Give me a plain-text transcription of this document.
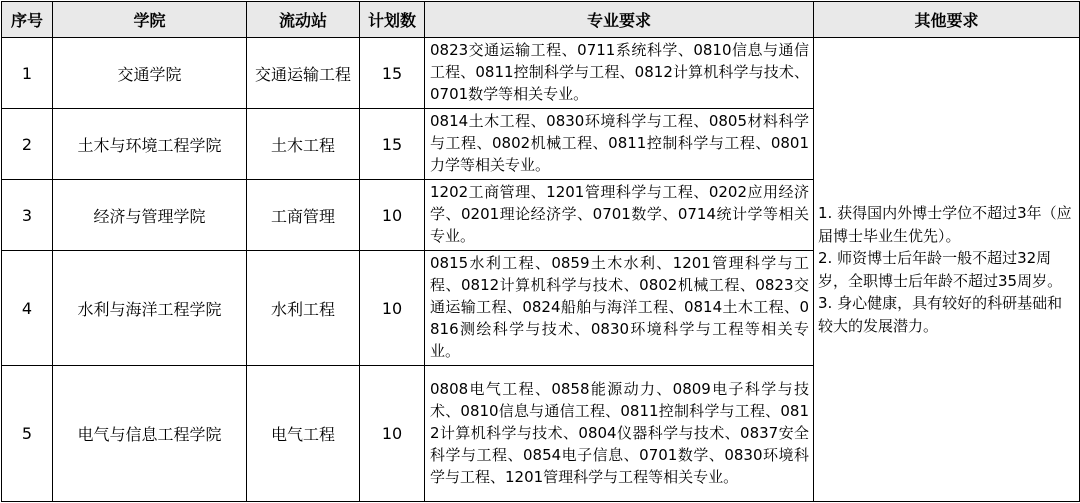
序号	学院	流动站	计划数	专业要求	其他要求
1	交通学院	交通运输工程	15	0823交通运输工程、0711系统科学、0810信息与通信工程、0811控制科学与工程、0812计算机科学与技术、0701数学等相关专业。	1. 获得国内外博士学位不超过3年（应届博士毕业生优先）。

2. 师资博士后年龄一般不超过32周岁，全职博士后年龄不超过35周岁。

3. 身心健康，具有较好的科研基础和较大的发展潜力。

2	土木与环境工程学院	土木工程	15	0814土木工程、0830环境科学与工程、0805材料科学与工程、0802机械工程、0811控制科学与工程、0801力学等相关专业。	
3	经济与管理学院	工商管理	10	1202工商管理、1201管理科学与工程、0202应用经济学、0201理论经济学、0701数学、0714统计学等相关专业。	
4	水利与海洋工程学院	水利工程	10	0815水利工程、0859土木水利、1201管理科学与工程、0812计算机科学与技术、0802机械工程、0823交通运输工程、0824船舶与海洋工程、0814土木工程、0816测绘科学与技术、0830环境科学与工程等相关专业。	
5	电气与信息工程学院	电气工程	10	0808电气工程、0858能源动力、0809电子科学与技术、0810信息与通信工程、0811控制科学与工程、0812计算机科学与技术、0804仪器科学与技术、0837安全科学与工程、0854电子信息、0701数学、0830环境科学与工程、1201管理科学与工程等相关专业。	
